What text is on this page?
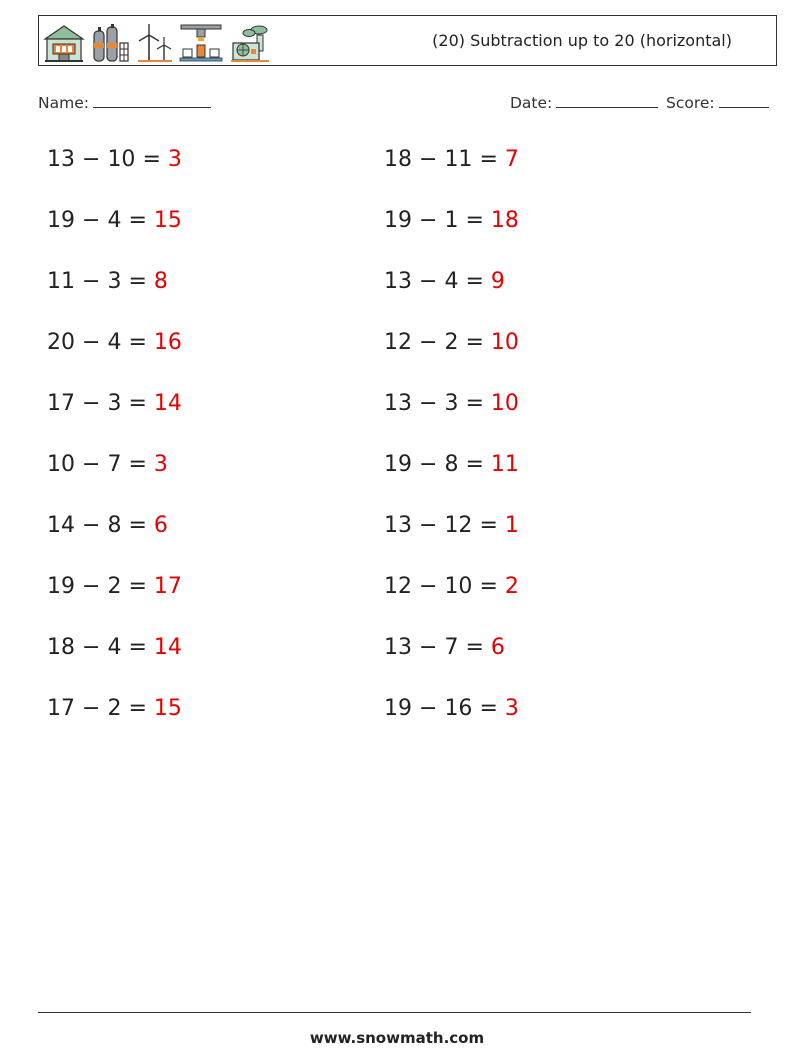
(20) Subtraction up to 20 (horizontal)
Name:	Date:	Score:
13 − 10 = 3
19 − 4 = 15
11 − 3 = 8
20 − 4 = 16
17 − 3 = 14
10 − 7 = 3
14 − 8 = 6
19 − 2 = 17
18 − 4 = 14
17 − 2 = 15
18 − 11 = 7
19 − 1 = 18
13 − 4 = 9
12 − 2 = 10
13 − 3 = 10
19 − 8 = 11
13 − 12 = 1
12 − 10 = 2
13 − 7 = 6
19 − 16 = 3
www.snowmath.com
